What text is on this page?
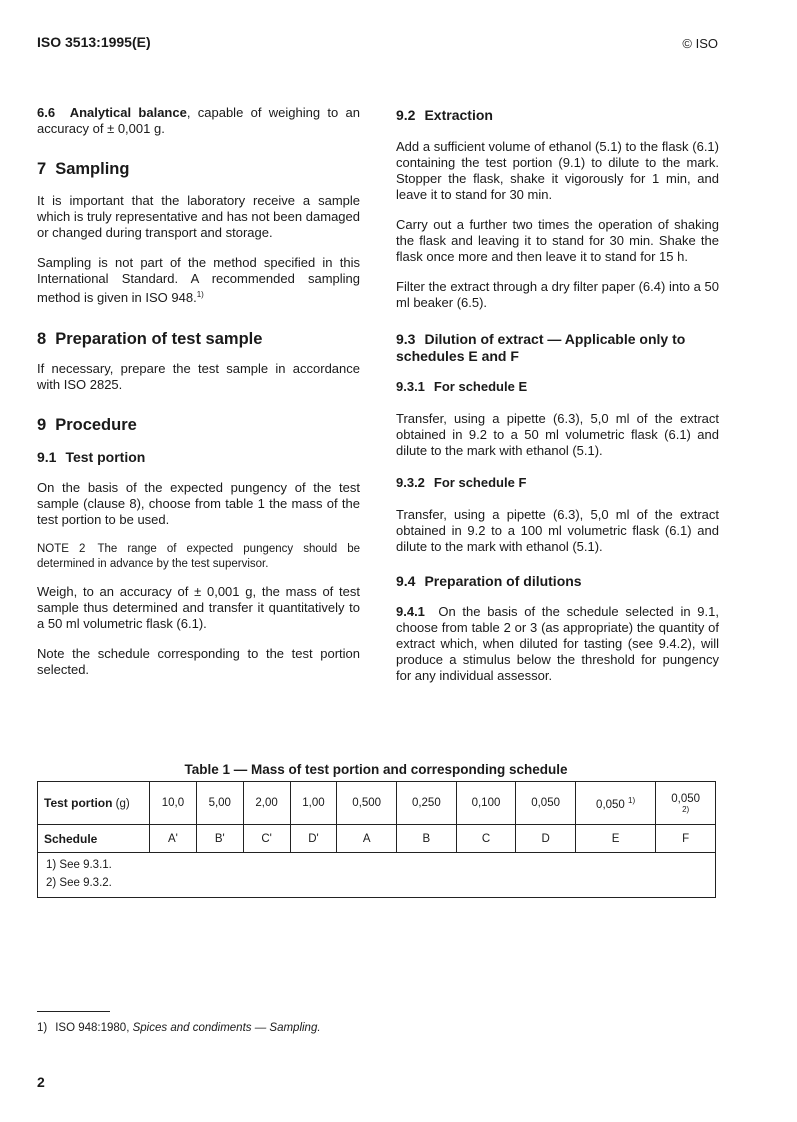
ISO 3513:1995(E)	© ISO

6.6 Analytical balance, capable of weighing to an accuracy of ± 0,001 g.

7 Sampling

It is important that the laboratory receive a sample which is truly representative and has not been damaged or changed during transport and storage.

Sampling is not part of the method specified in this International Standard. A recommended sampling method is given in ISO 948.$^{1)}$

8 Preparation of test sample

If necessary, prepare the test sample in accordance with ISO 2825.

9 Procedure
9.1 Test portion

On the basis of the expected pungency of the test sample (clause 8), choose from table 1 the mass of the test portion to be used.

NOTE 2 The range of expected pungency should be determined in advance by the test supervisor.

Weigh, to an accuracy of ± 0,001 g, the mass of test sample thus determined and transfer it quantitatively to a 50 ml volumetric flask (6.1).

Note the schedule corresponding to the test portion selected.

9.2 Extraction

Add a sufficient volume of ethanol (5.1) to the flask (6.1) containing the test portion (9.1) to dilute to the mark. Stopper the flask, shake it vigorously for 1 min, and leave it to stand for 30 min.

Carry out a further two times the operation of shaking the flask and leaving it to stand for 30 min. Shake the flask once more and then leave it to stand for 15 h.

Filter the extract through a dry filter paper (6.4) into a 50 ml beaker (6.5).

9.3 Dilution of extract — Applicable only to schedules E and F
9.3.1 For schedule E

Transfer, using a pipette (6.3), 5,0 ml of the extract obtained in 9.2 to a 50 ml volumetric flask (6.1) and dilute to the mark with ethanol (5.1).

9.3.2 For schedule F

Transfer, using a pipette (6.3), 5,0 ml of the extract obtained in 9.2 to a 100 ml volumetric flask (6.1) and dilute to the mark with ethanol (5.1).

9.4 Preparation of dilutions

9.4.1 On the basis of the schedule selected in 9.1, choose from table 2 or 3 (as appropriate) the quantity of extract which, when diluted for tasting (see 9.4.2), will produce a stimulus below the threshold for pungency for any individual assessor.

Table 1 — Mass of test portion and corresponding schedule
Test portion (g)	10,0	5,00	2,00	1,00	0,500	0,250	0,100	0,050	0,050 $^{1)}$	0,050
2)

Schedule	A'	B'	C'	D'	A	B	C	D	E	F

1) See 9.3.1.
2) See 9.3.2.										
1) ISO 948:1980, Spices and condiments — Sampling.
2
